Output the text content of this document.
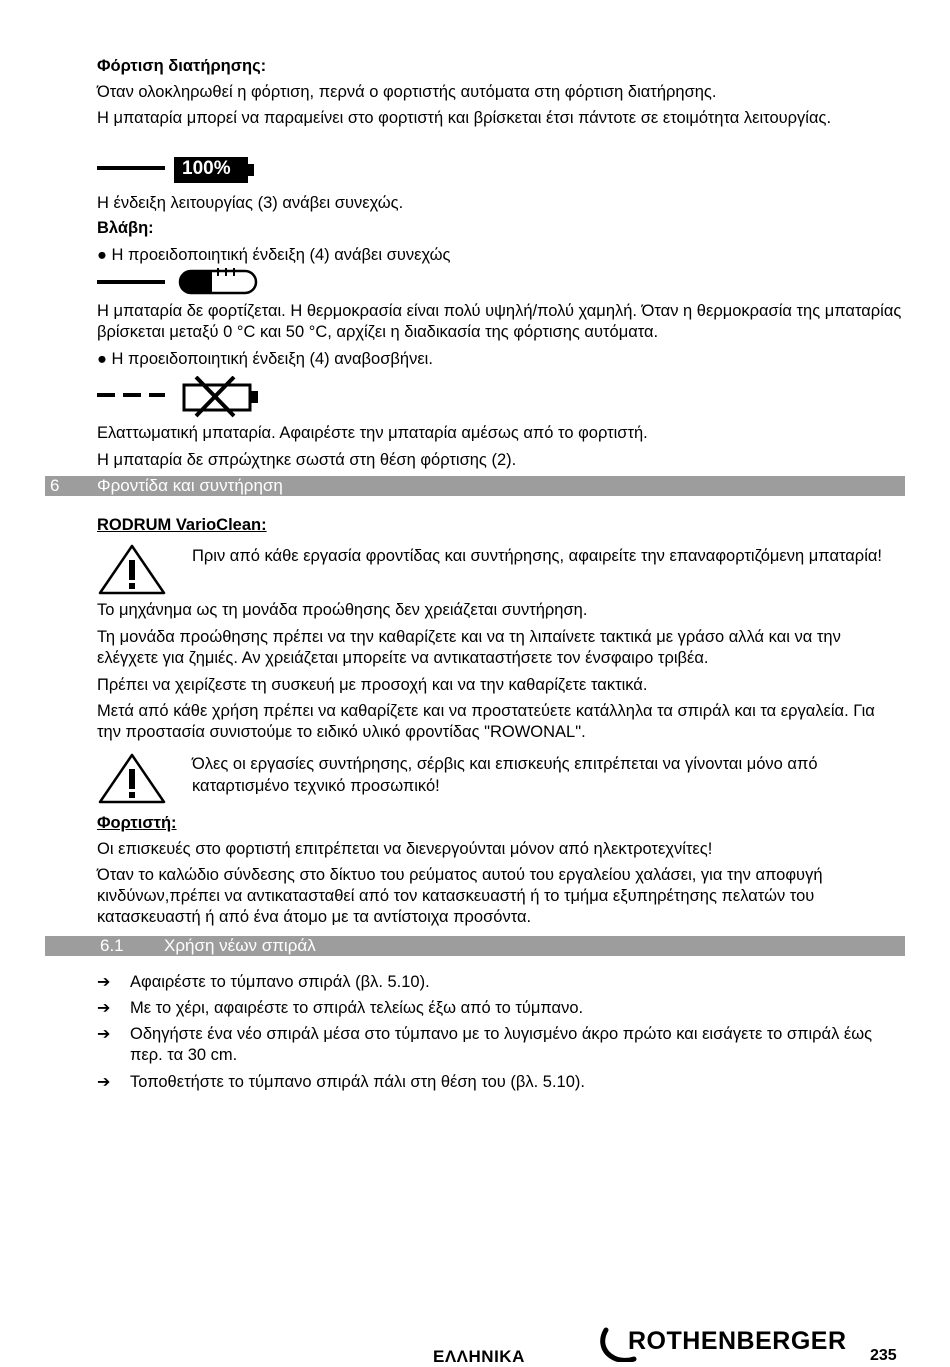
Φόρτιση διατήρησης:
Όταν ολοκληρωθεί η φόρτιση, περνά ο φορτιστής αυτόματα στη φόρτιση διατήρησης.
Η μπαταρία μπορεί να παραμείνει στο φορτιστή και βρίσκεται έτσι πάντοτε σε ετοιμότητα λειτουργίας.
100%
Η ένδειξη λειτουργίας (3) ανάβει συνεχώς.
Βλάβη:
● Η προειδοποιητική ένδειξη (4) ανάβει συνεχώς
Η μπαταρία δε φορτίζεται. Η θερμοκρασία είναι πολύ υψηλή/πολύ χαμηλή. Όταν η θερμοκρασία της μπαταρίας βρίσκεται μεταξύ 0 °C και 50 °C, αρχίζει η διαδικασία της φόρτισης αυτόματα.
● Η προειδοποιητική ένδειξη (4) αναβοσβήνει.
Ελαττωματική μπαταρία. Αφαιρέστε την μπαταρία αμέσως από το φορτιστή.
Η μπαταρία δε σπρώχτηκε σωστά στη θέση φόρτισης (2).
6 Φροντίδα και συντήρηση
RODRUM VarioClean:
Πριν από κάθε εργασία φροντίδας και συντήρησης, αφαιρείτε την επαναφορτιζόμενη μπαταρία!
Το μηχάνημα ως τη μονάδα προώθησης δεν χρειάζεται συντήρηση.
Τη μονάδα προώθησης πρέπει να την καθαρίζετε και να τη λιπαίνετε τακτικά με γράσο αλλά και να την ελέγχετε για ζημιές. Αν χρειάζεται μπορείτε να αντικαταστήσετε τον ένσφαιρο τριβέα.
Πρέπει να χειρίζεστε τη συσκευή με προσοχή και να την καθαρίζετε τακτικά.
Μετά από κάθε χρήση πρέπει να καθαρίζετε και να προστατεύετε κατάλληλα τα σπιράλ και τα εργαλεία. Για την προστασία συνιστούμε το ειδικό υλικό φροντίδας "ROWONAL".
Όλες οι εργασίες συντήρησης, σέρβις και επισκευής επιτρέπεται να γίνονται μόνο από καταρτισμένο τεχνικό προσωπικό!
Φορτιστή:
Οι επισκευές στο φορτιστή επιτρέπεται να διενεργούνται μόνον από ηλεκτροτεχνίτες!
Όταν το καλώδιο σύνδεσης στο δίκτυο του ρεύματος αυτού του εργαλείου χαλάσει, για την αποφυγή κινδύνων,πρέπει να αντικατασταθεί από τον κατασκευαστή ή το τμήμα εξυπηρέτησης πελατών του κατασκευαστή ή από ένα άτομο με τα αντίστοιχα προσόντα.
6.1 Χρήση νέων σπιράλ
➔ Αφαιρέστε το τύμπανο σπιράλ (βλ. 5.10).
➔ Με το χέρι, αφαιρέστε το σπιράλ τελείως έξω από το τύμπανο.
➔ Οδηγήστε ένα νέο σπιράλ μέσα στο τύμπανο με το λυγισμένο άκρο πρώτο και εισάγετε το σπιράλ έως περ. τα 30 cm.
➔ Τοποθετήστε το τύμπανο σπιράλ πάλι στη θέση του (βλ. 5.10).
ΕΛΛΗΝΙΚΑ
ROTHENBERGER
235
